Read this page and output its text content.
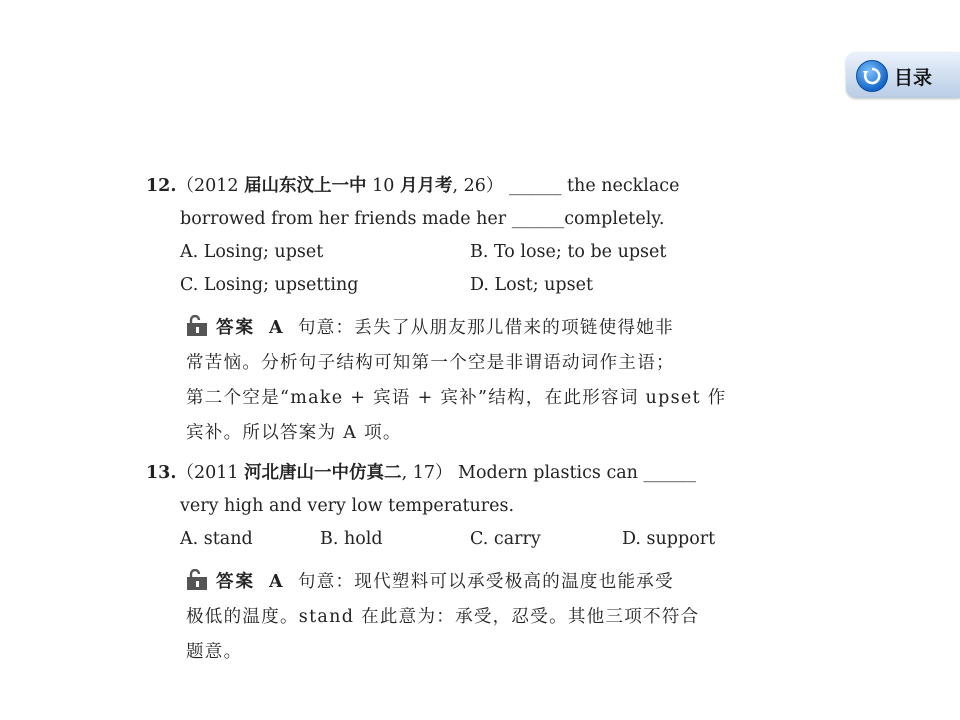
目录
12.（2012 届山东汶上一中 10 月月考, 26） ______ the necklace
borrowed from her friends made her ______completely.
A. Losing; upset	B. To lose; to be upset
C. Losing; upsetting	D. Lost; upset
答案 A 句意：丢失了从朋友那儿借来的项链使得她非
常苦恼。分析句子结构可知第一个空是非谓语动词作主语；
第二个空是“make + 宾语 + 宾补”结构，在此形容词 upset 作
宾补。所以答案为 A 项。
13.（2011 河北唐山一中仿真二, 17） Modern plastics can ______
very high and very low temperatures.
A. stand	B. hold	C. carry	D. support
答案 A 句意：现代塑料可以承受极高的温度也能承受
极低的温度。stand 在此意为：承受，忍受。其他三项不符合
题意。
